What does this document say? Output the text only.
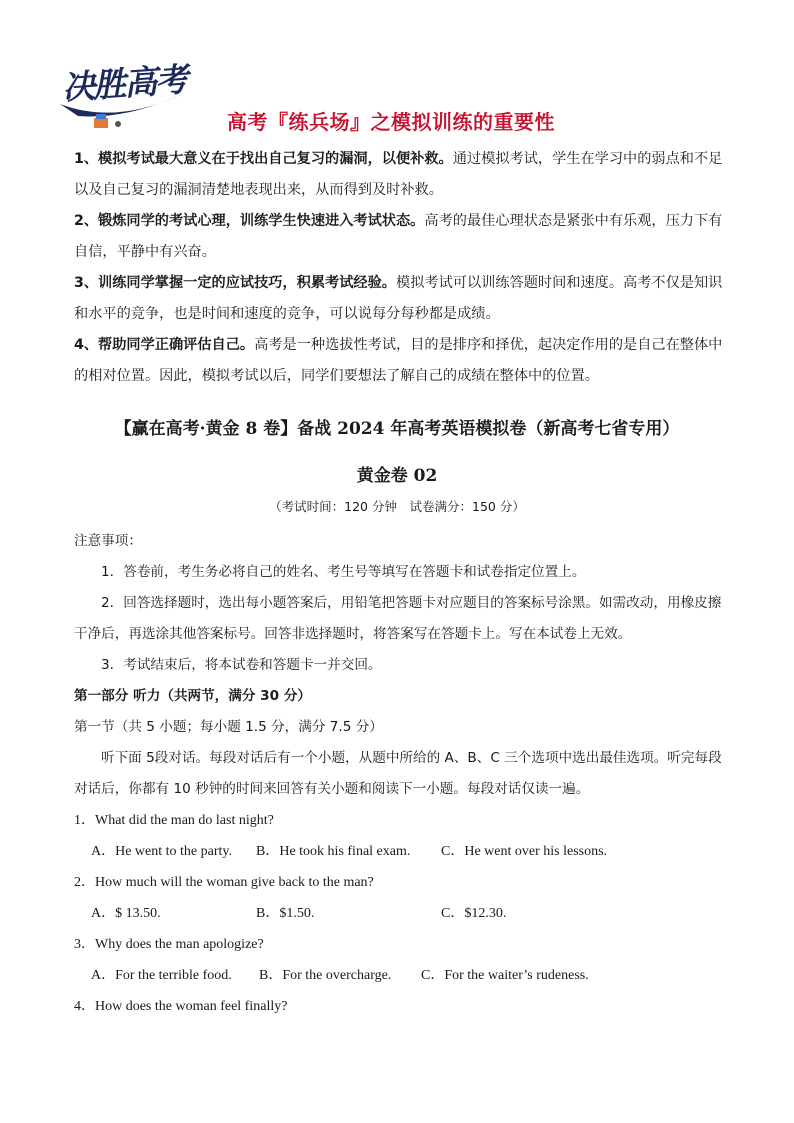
决胜高考
高考『练兵场』之模拟训练的重要性

1、模拟考试最大意义在于找出自己复习的漏洞，以便补救。通过模拟考试，学生在学习中的弱点和不足以及自己复习的漏洞清楚地表现出来，从而得到及时补救。

2、锻炼同学的考试心理，训练学生快速进入考试状态。高考的最佳心理状态是紧张中有乐观，压力下有自信，平静中有兴奋。

3、训练同学掌握一定的应试技巧，积累考试经验。模拟考试可以训练答题时间和速度。高考不仅是知识和水平的竞争，也是时间和速度的竞争，可以说每分每秒都是成绩。

4、帮助同学正确评估自己。高考是一种选拔性考试，目的是排序和择优，起决定作用的是自己在整体中的相对位置。因此，模拟考试以后，同学们要想法了解自己的成绩在整体中的位置。

【赢在高考·黄金 8 卷】备战 2024 年高考英语模拟卷（新高考七省专用）
黄金卷 02
（考试时间：120 分钟　试卷满分：150 分）
注意事项：
1．答卷前，考生务必将自己的姓名、考生号等填写在答题卡和试卷指定位置上。
2．回答选择题时，选出每小题答案后，用铅笔把答题卡对应题目的答案标号涂黑。如需改动，用橡皮擦干净后，再选涂其他答案标号。回答非选择题时，将答案写在答题卡上。写在本试卷上无效。
3．考试结束后，将本试卷和答题卡一并交回。
第一部分 听力（共两节，满分 30 分）
第一节（共 5 小题；每小题 1.5 分，满分 7.5 分）
听下面 5段对话。每段对话后有一个小题，从题中所给的 A、B、C 三个选项中选出最佳选项。听完每段对话后，你都有 10 秒钟的时间来回答有关小题和阅读下一小题。每段对话仅读一遍。
1．What did the man do last night?
A．He went to the party.	B．He took his final exam.	C．He went over his lessons.
2．How much will the woman give back to the man?
A．$ 13.50.	B．$1.50.	C．$12.30.
3．Why does the man apologize?
A．For the terrible food.	B．For the overcharge.	C．For the waiter’s rudeness.
4．How does the woman feel finally?
